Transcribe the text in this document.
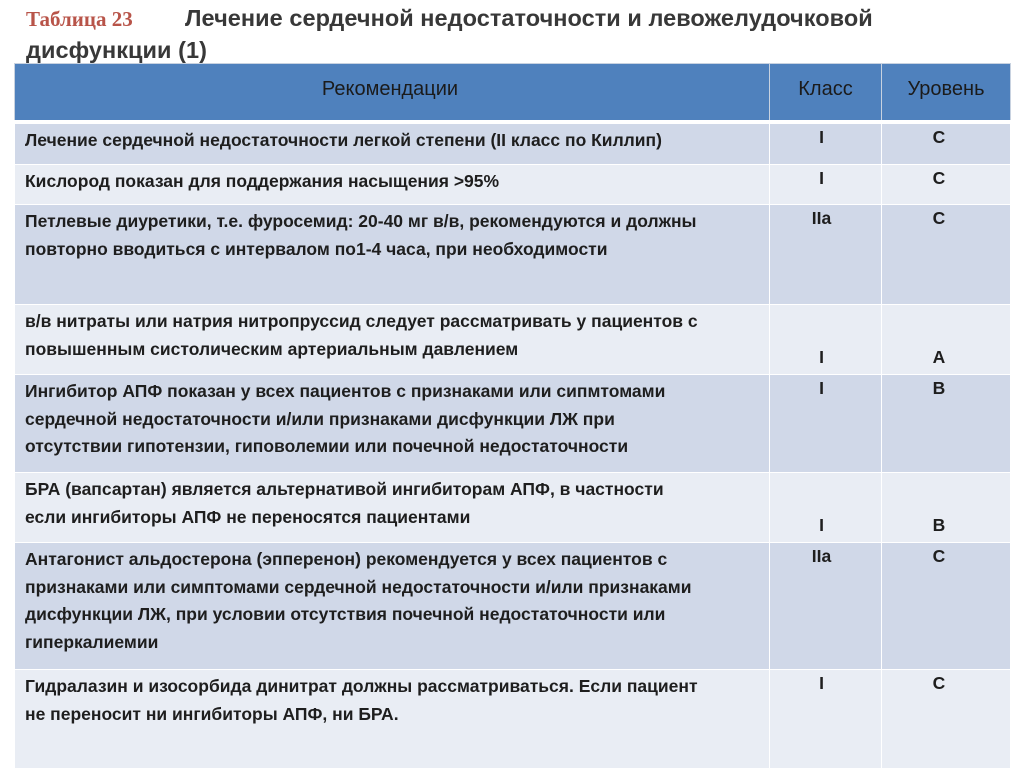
Таблица 23 Лечение сердечной недостаточности и левожелудочковой
дисфункции (1)
Рекомендации	Класс	Уровень

Лечение сердечной недостаточности легкой степени (II класс по Киллип)	I	C

Кислород показан для поддержания насыщения >95%	I	C

Петлевые диуретики, т.е. фуросемид: 20-40 мг в/в, рекомендуются и должны
повторно вводиться с интервалом по1-4 часа, при необходимости	IIa	C

в/в нитраты или натрия нитропруссид следует рассматривать у пациентов с
повышенным систолическим артериальным давлением	I	A

Ингибитор АПФ показан у всех пациентов с признаками или сипмтомами
сердечной недостаточности и/или признаками дисфункции ЛЖ при
отсутствии гипотензии, гиповолемии или почечной недостаточности	I	B

БРА (вапсартан) является альтернативой ингибиторам АПФ, в частности
если ингибиторы АПФ не переносятся пациентами	I	B

Антагонист альдостерона (эпперенон) рекомендуется у всех пациентов с
признаками или симптомами сердечной недостаточности и/или признаками
дисфункции ЛЖ, при условии отсутствия почечной недостаточности или
гиперкалиемии	IIa	C

Гидралазин и изосорбида динитрат должны рассматриваться. Если пациент
не переносит ни ингибиторы АПФ, ни БРА.	I	C
